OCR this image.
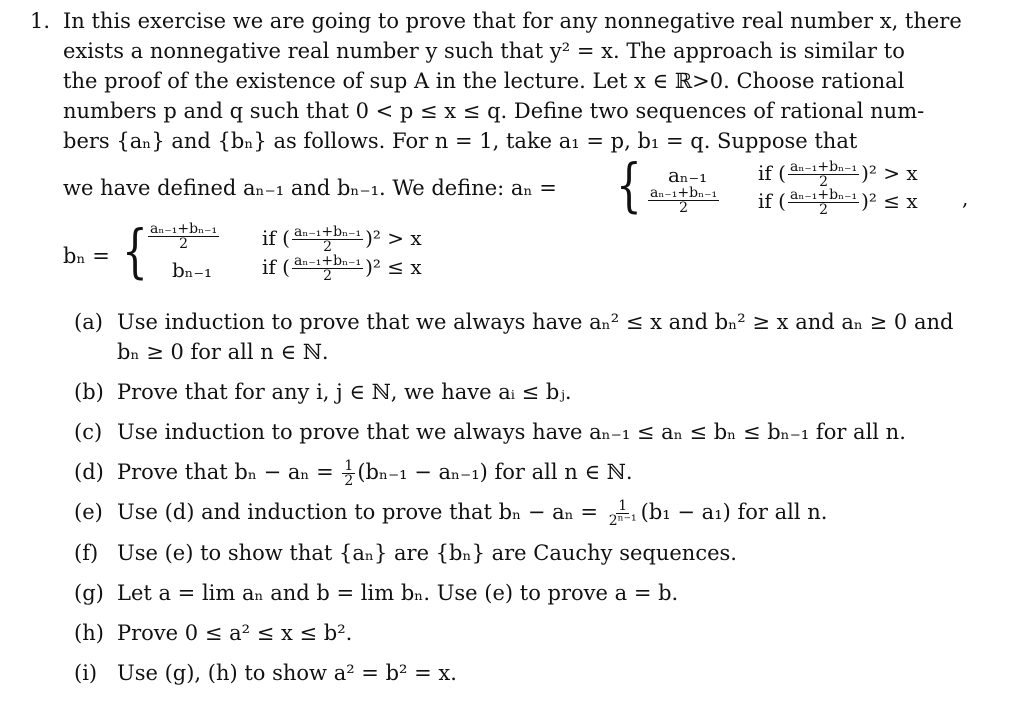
1. In this exercise we are going to prove that for any nonnegative real number x, there
exists a nonnegative real number y such that y² = x. The approach is similar to
the proof of the existence of sup A in the lecture. Let x ∈ ℝ>0. Choose rational
numbers p and q such that 0 < p ≤ x ≤ q. Define two sequences of rational num-
bers {aₙ} and {bₙ} as follows. For n = 1, take a₁ = p, b₁ = q. Suppose that
we have defined aₙ₋₁ and bₙ₋₁. We define: aₙ = { aₙ₋₁	if ( $\frac{\text{aₙ₋₁+bₙ₋₁}}{2} )^2 > x$
$\frac{\text{aₙ₋₁+bₙ₋₁}}{2}$ if ( $\frac{\text{aₙ₋₁+bₙ₋₁}}{2} )^2 \le x$ ,
bₙ = { $\frac{\text{aₙ₋₁+bₙ₋₁}}{2}$ if ( $\frac{\text{aₙ₋₁+bₙ₋₁}}{2} )^2 > x$
bₙ₋₁ if ( $\frac{\text{aₙ₋₁+bₙ₋₁}}{2} )^2 \le x$
(a) Use induction to prove that we always have aₙ² ≤ x and bₙ² ≥ x and aₙ ≥ 0 and
bₙ ≥ 0 for all n ∈ ℕ.
(b) Prove that for any i, j ∈ ℕ, we have aᵢ ≤ bⱼ.
(c) Use induction to prove that we always have aₙ₋₁ ≤ aₙ ≤ bₙ ≤ bₙ₋₁ for all n.
(d) Prove that $b_n - a_n = \frac{1}{2} (b_{n-1} - a_{n-1})$ for all n ∈ ℕ.
(e) Use (d) and induction to prove that $b_n - a_n = \frac{1}{\text{2ⁿ⁻¹}} (b_1 - a_1)$ for all n.
(f) Use (e) to show that {aₙ} are {bₙ} are Cauchy sequences.
(g) Let a = lim aₙ and b = lim bₙ. Use (e) to prove a = b.
(h) Prove 0 ≤ a² ≤ x ≤ b².
(i) Use (g), (h) to show a² = b² = x.
